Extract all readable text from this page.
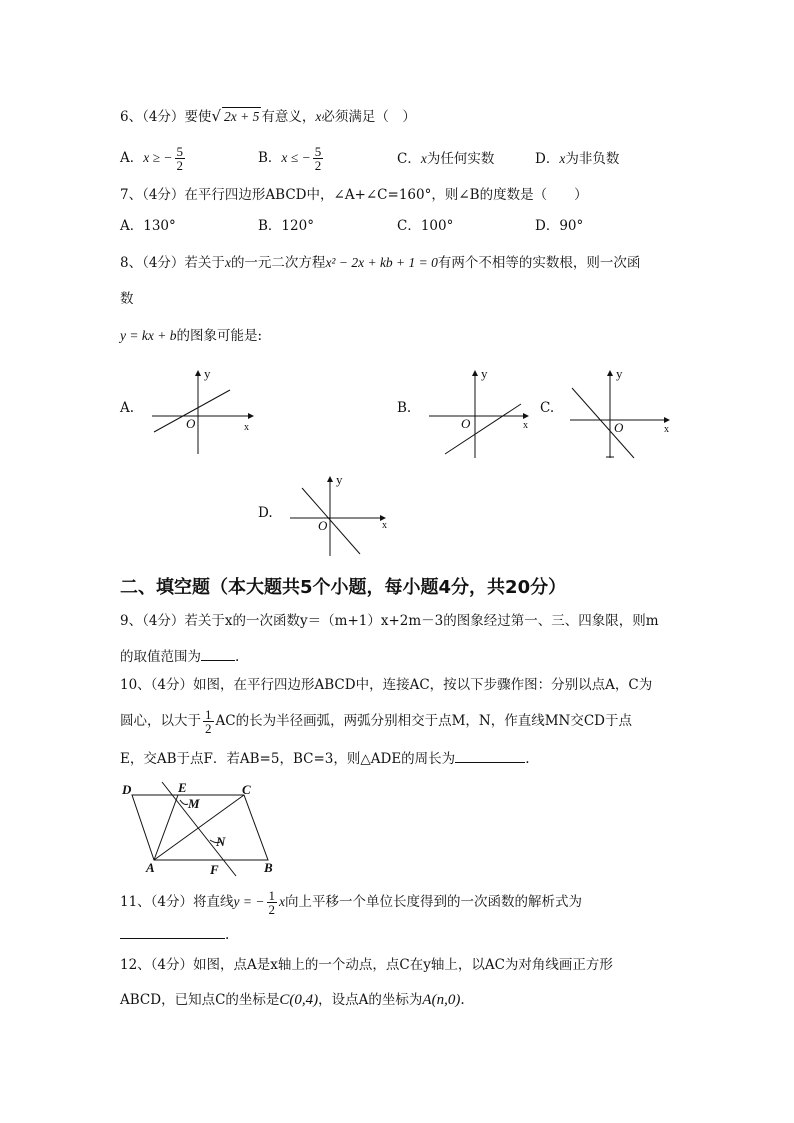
6、（4分）要使√ 2x + 5 有意义，x必须满足（　）
A．x ≥ − $\frac{5}{2}$	B．x ≤ − $\frac{5}{2}$	C．x为任何实数	D．x为非负数
7、（4分）在平行四边形ABCD中，∠A+∠C=160°，则∠B的度数是（　　）
A．130°	B．120°	C．100°	D．90°
8、（4分）若关于x的一元二次方程x² − 2x + kb + 1 = 0有两个不相等的实数根，则一次函
数
y = kx + b的图象可能是:
A.	B.	C.
D.
y
x
O
y
x
O
y
x
O
y
x
O
二、填空题（本大题共5个小题，每小题4分，共20分）
9、（4分）若关于x的一次函数y＝（m+1）x+2m－3的图象经过第一、三、四象限，则m
的取值范围为	.
10、（4分）如图，在平行四边形ABCD中，连接AC，按以下步骤作图：分别以点A，C为
圆心，以大于 $\frac{1}{2}$ AC的长为半径画弧，两弧分别相交于点M，N，作直线MN交CD于点
E，交AB于点F．若AB=5，BC=3，则△ADE的周长为	.
D	E	C
M
N
A	F	B
11、（4分）将直线y = − $\frac{1}{2}$ x向上平移一个单位长度得到的一次函数的解析式为
.
12、（4分）如图，点A是x轴上的一个动点，点C在y轴上，以AC为对角线画正方形
ABCD，已知点C的坐标是C(0,4)，设点A的坐标为A(n,0).
